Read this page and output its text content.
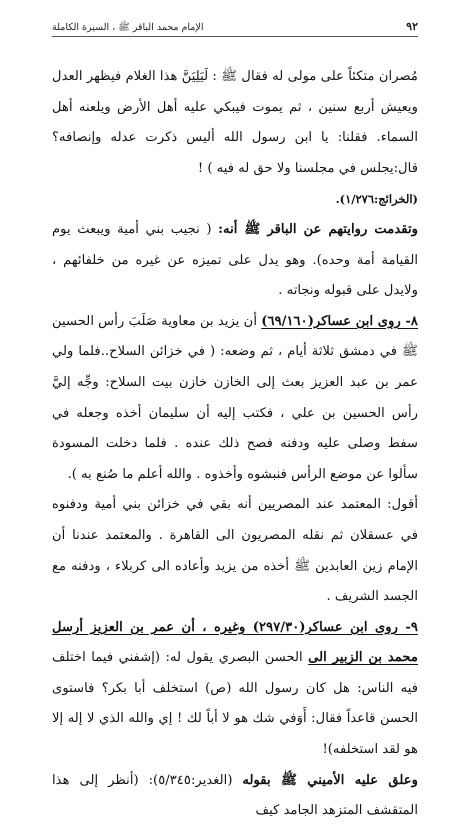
٩٢
الإمام محمد الباقر ﷺ ، السيرة الكاملة

مُصران متكئاً على مولى له فقال ﷺ : لَيَلِيَنَّ هذا الغلام فيظهر العدل ويعيش أربع سنين ، ثم يموت فيبكي عليه أهل الأرض ويلعنه أهل السماء. فقلنا: يا ابن رسول الله أليس ذكرت عدله وإنصافه؟ قال:يجلس في مجلسنا ولا حق له فيه ) !

(الخرائج:١/٢٧٦).

وتقدمت روايتهم عن الباقر ﷺ أنه: ( نجيب بني أمية ويبعث يوم القيامة أمة وحده). وهو يدل على تميزه عن غيره من خلفائهم ، ولايدل على قبوله ونجاته .

٨- روى ابن عساكر(٦٩/١٦٠) أن يزيد بن معاوية صَلَبَ رأس الحسين ﷺ في دمشق ثلاثة أيام ، ثم وضعه: ( في خزائن السلاح..فلما ولي عمر بن عبد العزيز بعث إلى الخازن خازن بيت السلاح: وجِّه إليَّ رأس الحسين بن علي ، فكتب إليه أن سليمان أخذه وجعله في سفط وصلى عليه ودفنه فصح ذلك عنده . فلما دخلت المسودة سألوا عن موضع الرأس فنبشوه وأخذوه . والله أعلم ما صُنع به ).

أقول: المعتمد عند المصريين أنه بقي في خزائن بني أمية ودفنوه في عسقلان ثم نقله المصريون الى القاهرة . والمعتمد عندنا أن الإمام زين العابدين ﷺ أخذه من يزيد وأعاده الى كربلاء ، ودفنه مع الجسد الشريف .

٩- روى ابن عساكر(٢٩٧/٣٠) وغيره ، أن عمر بن العزيز أرسل محمد بن الزبير الى الحسن البصري يقول له: (إشفني فيما اختلف فيه الناس: هل كان رسول الله (ص) استخلف أبا بكر؟ فاستوى الحسن قاعداً فقال: أَوَفي شك هو لا أباً لك ! إي والله الذي لا إله إلا هو لقد استخلفه)!

وعلق عليه الأميني ﷺ بقوله (الغدير:٥/٣٤٥): (أنظر إلى هذا المتقشف المتزهد الجامد كيف
